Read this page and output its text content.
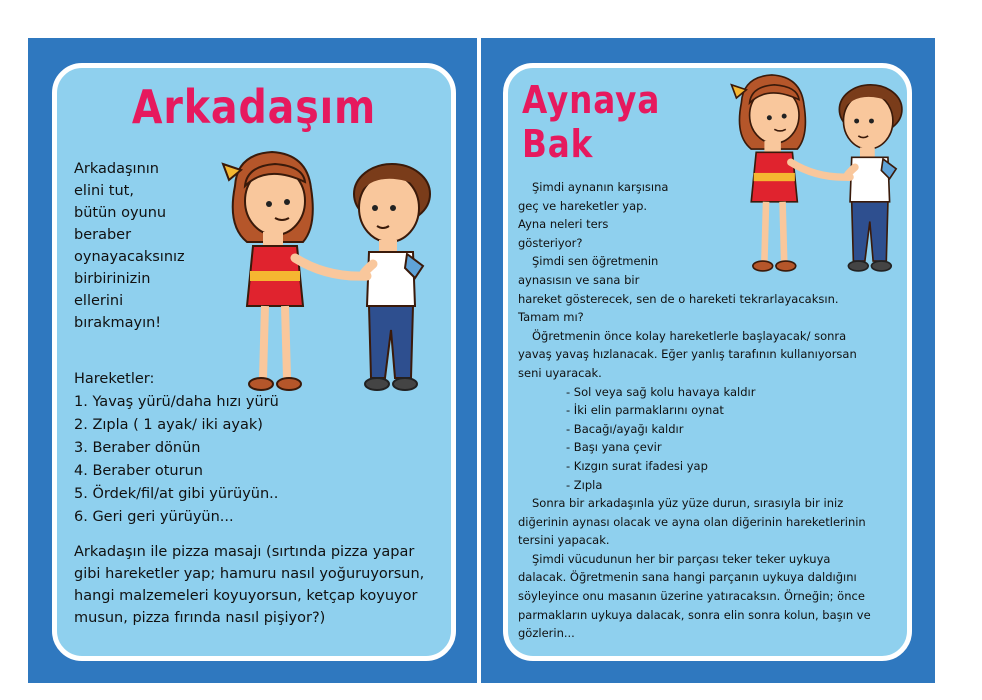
Arkadaşım

Arkadaşının

elini tut,

bütün oyunu

beraber

oynayacaksınız

birbirinizin

ellerini

bırakmayın!

Hareketler:

1. Yavaş yürü/daha hızı yürü
2. Zıpla ( 1 ayak/ iki ayak)
3. Beraber dönün
4. Beraber oturun
5. Ördek/fil/at gibi yürüyün..
6. Geri geri yürüyün...
Arkadaşın ile pizza masajı (sırtında pizza yapar
gibi hareketler yap; hamuru nasıl yoğuruyorsun,
hangi malzemeleri koyuyorsun, ketçap koyuyor
musun, pizza fırında nasıl pişiyor?)
Aynaya
Bak

Şimdi aynanın karşısına

geç ve hareketler yap.

Ayna neleri ters

gösteriyor?

Şimdi sen öğretmenin

aynasısın ve sana bir

hareket gösterecek, sen de o hareketi tekrarlayacaksın.

Tamam mı?

Öğretmenin önce kolay hareketlerle başlayacak/ sonra

yavaş yavaş hızlanacak. Eğer yanlış tarafının kullanıyorsan

seni uyaracak.

- Sol veya sağ kolu havaya kaldır
- İki elin parmaklarını oynat
- Bacağı/ayağı kaldır
- Başı yana çevir
- Kızgın surat ifadesi yap
- Zıpla

Sonra bir arkadaşınla yüz yüze durun, sırasıyla bir iniz

diğerinin aynası olacak ve ayna olan diğerinin hareketlerinin

tersini yapacak.

Şimdi vücudunun her bir parçası teker teker uykuya

dalacak. Öğretmenin sana hangi parçanın uykuya daldığını

söyleyince onu masanın üzerine yatıracaksın. Örneğin; önce

parmakların uykuya dalacak, sonra elin sonra kolun, başın ve

gözlerin...
